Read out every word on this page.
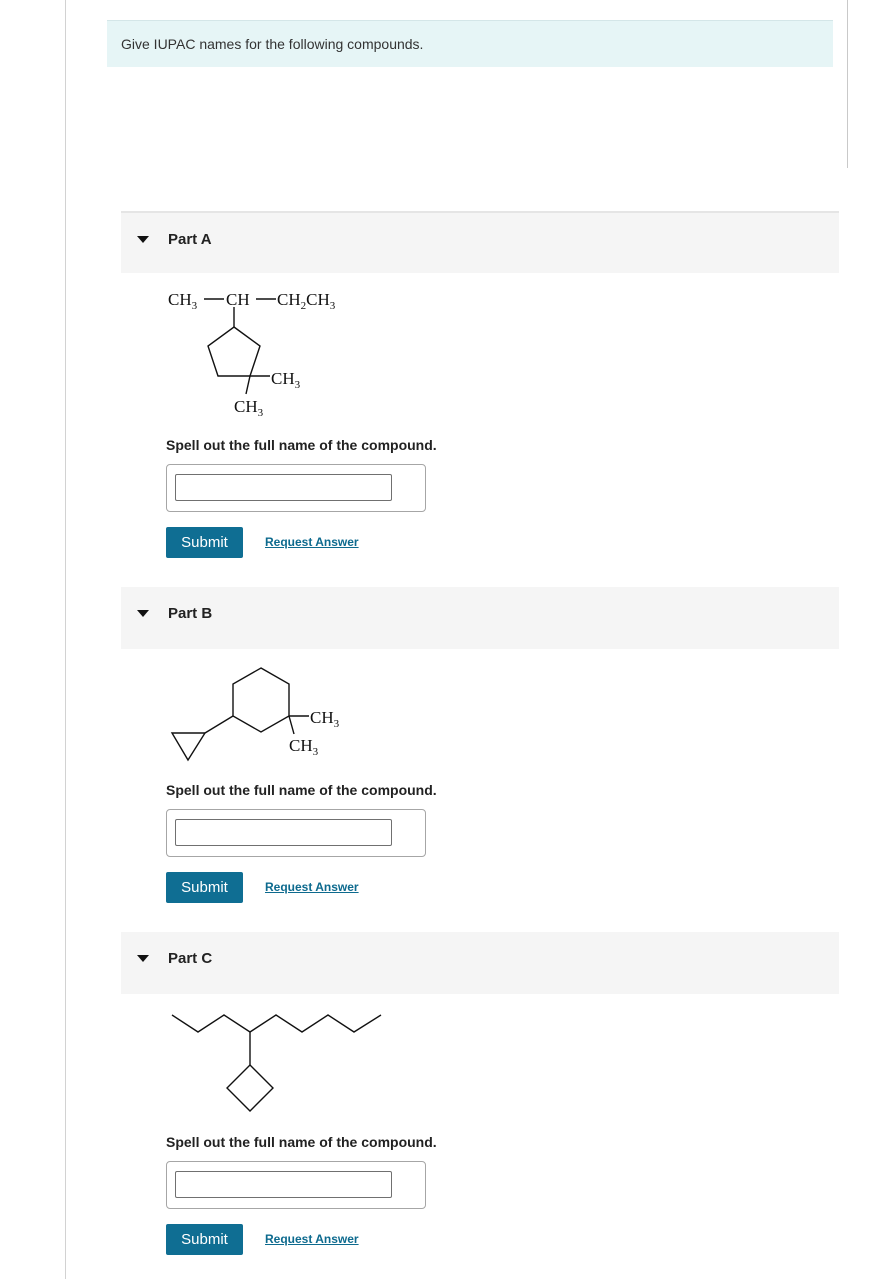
Give IUPAC names for the following compounds.
Part A
$CH_3$ CH $CH_2CH_3$
$CH_3$
$CH_3$
Spell out the full name of the compound.
Submit	Request Answer
Part B
$CH_3$
$CH_3$
Spell out the full name of the compound.
Submit	Request Answer
Part C
Spell out the full name of the compound.
Submit	Request Answer
